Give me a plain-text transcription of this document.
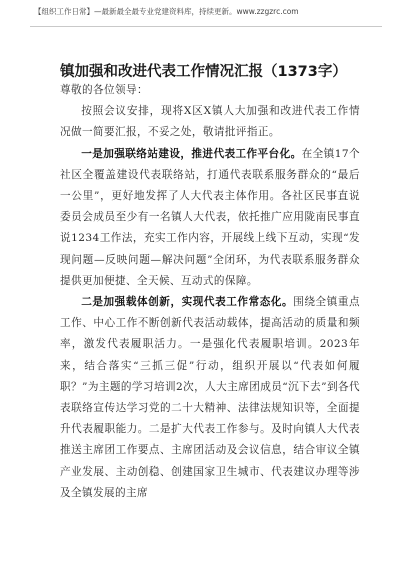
【组织工作日常】—最新最全最专业党建资料库，持续更新。www.zzgzrc.com
镇加强和改进代表工作情况汇报（1373字）
尊敬的各位领导：

按照会议安排，现将X区X镇人大加强和改进代表工作情况做一简要汇报，不妥之处，敬请批评指正。

一是加强联络站建设，推进代表工作平台化。在全镇17个社区全覆盖建设代表联络站，打通代表联系服务群众的“最后一公里”，更好地发挥了人大代表主体作用。各社区民事直说委员会成员至少有一名镇人大代表，依托推广应用陇南民事直说1234工作法，充实工作内容，开展线上线下互动，实现“发现问题—反映问题—解决问题”全闭环，为代表联系服务群众提供更加便捷、全天候、互动式的保障。

二是加强载体创新，实现代表工作常态化。围绕全镇重点工作、中心工作不断创新代表活动载体，提高活动的质量和频率，激发代表履职活力。一是强化代表履职培训。2023年来，结合落实“三抓三促”行动，组织开展以“代表如何履职？”为主题的学习培训2次，人大主席团成员“沉下去”到各代表联络宣传达学习党的二十大精神、法律法规知识等，全面提升代表履职能力。二是扩大代表工作参与。及时向镇人大代表推送主席团工作要点、主席团活动及会议信息，结合审议全镇产业发展、主动创稳、创建国家卫生城市、代表建议办理等涉及全镇发展的主席
